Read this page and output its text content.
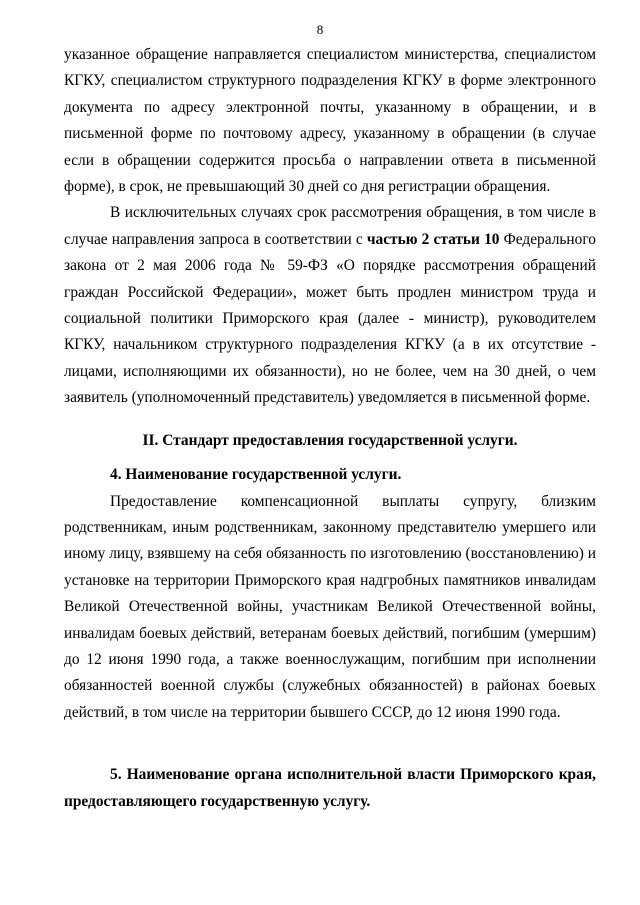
8

указанное обращение направляется специалистом министерства, специалистом КГКУ, специалистом структурного подразделения КГКУ в форме электронного документа по адресу электронной почты, указанному в обращении, и в письменной форме по почтовому адресу, указанному в обращении (в случае если в обращении содержится просьба о направлении ответа в письменной форме), в срок, не превышающий 30 дней со дня регистрации обращения.

В исключительных случаях срок рассмотрения обращения, в том числе в случае направления запроса в соответствии с частью 2 статьи 10 Федерального закона от 2 мая 2006 года № 59-ФЗ «О порядке рассмотрения обращений граждан Российской Федерации», может быть продлен министром труда и социальной политики Приморского края (далее - министр), руководителем КГКУ, начальником структурного подразделения КГКУ (а в их отсутствие - лицами, исполняющими их обязанности), но не более, чем на 30 дней, о чем заявитель (уполномоченный представитель) уведомляется в письменной форме.

II. Стандарт предоставления государственной услуги.
4. Наименование государственной услуги.

Предоставление компенсационной выплаты супругу, близким родственникам, иным родственникам, законному представителю умершего или иному лицу, взявшему на себя обязанность по изготовлению (восстановлению) и установке на территории Приморского края надгробных памятников инвалидам Великой Отечественной войны, участникам Великой Отечественной войны, инвалидам боевых действий, ветеранам боевых действий, погибшим (умершим) до 12 июня 1990 года, а также военнослужащим, погибшим при исполнении обязанностей военной службы (служебных обязанностей) в районах боевых действий, в том числе на территории бывшего СССР, до 12 июня 1990 года.

5. Наименование органа исполнительной власти Приморского края, предоставляющего государственную услугу.
